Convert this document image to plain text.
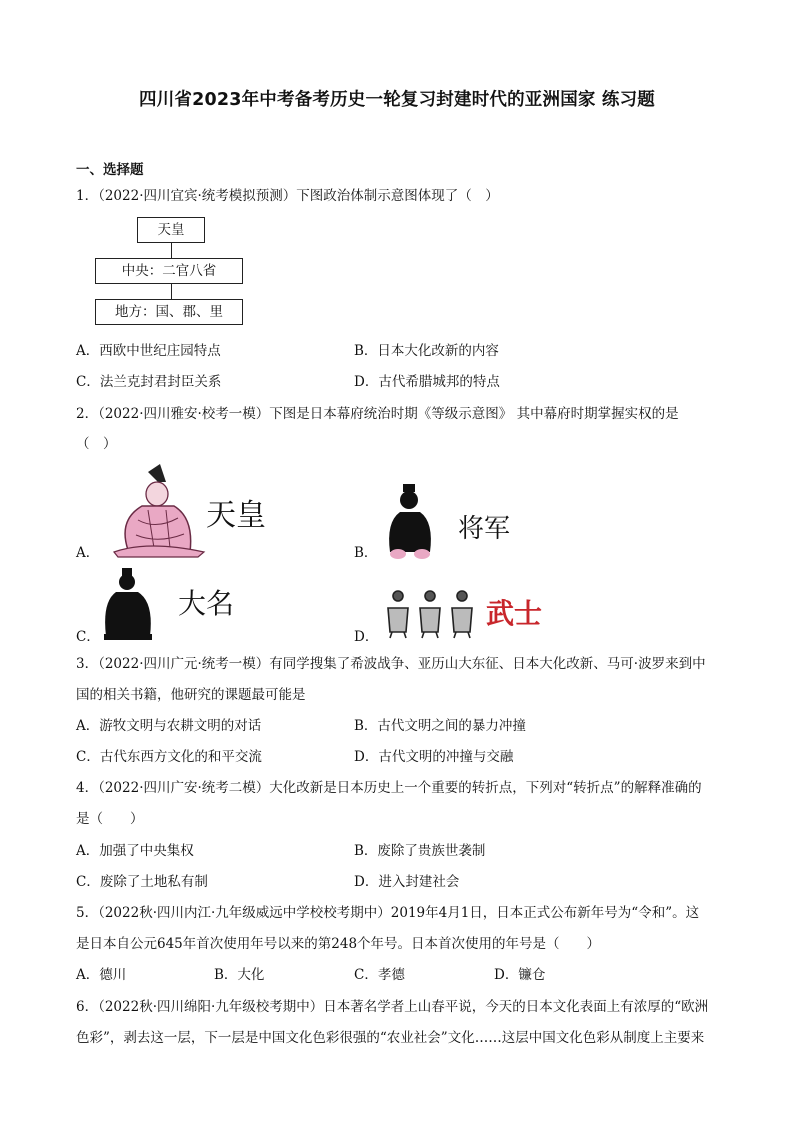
四川省2023年中考备考历史一轮复习封建时代的亚洲国家 练习题
一、选择题
1．（2022·四川宜宾·统考模拟预测）下图政治体制示意图体现了（　）
天皇
中央：二官八省
地方：国、郡、里
A．西欧中世纪庄园特点	B．日本大化改新的内容
C．法兰克封君封臣关系	D．古代希腊城邦的特点
2．（2022·四川雅安·校考一模）下图是日本幕府统治时期《等级示意图》 其中幕府时期掌握实权的是
（　）
A．
天皇
B．
将军
C．
大名
D．
武士
3．（2022·四川广元·统考一模）有同学搜集了希波战争、亚历山大东征、日本大化改新、马可·波罗来到中
国的相关书籍，他研究的课题最可能是
A．游牧文明与农耕文明的对话	B．古代文明之间的暴力冲撞
C．古代东西方文化的和平交流	D．古代文明的冲撞与交融
4．（2022·四川广安·统考二模）大化改新是日本历史上一个重要的转折点，下列对“转折点”的解释准确的
是（　　）
A．加强了中央集权	B．废除了贵族世袭制
C．废除了土地私有制	D．进入封建社会
5．（2022秋·四川内江·九年级威远中学校校考期中）2019年4月1日，日本正式公布新年号为“令和”。这
是日本自公元645年首次使用年号以来的第248个年号。日本首次使用的年号是（　　）
A．德川	B．大化	C．孝德	D．镰仓
6．（2022秋·四川绵阳·九年级校考期中）日本著名学者上山春平说，今天的日本文化表面上有浓厚的“欧洲
色彩”，剥去这一层，下一层是中国文化色彩很强的“农业社会”文化……这层中国文化色彩从制度上主要来
